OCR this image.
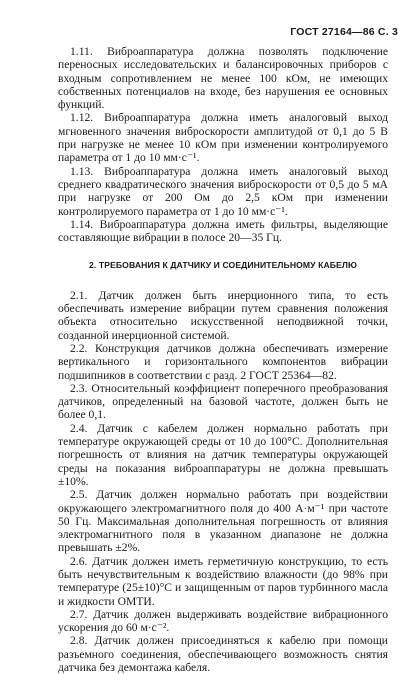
ГОСТ 27164—86 С. 3

1.11. Виброаппаратура должна позволять подключение переносных исследовательских и балансировочных приборов с входным сопротивлением не менее 100 кОм, не имеющих собственных потенциалов на входе, без нарушения ее основных функций.

1.12. Виброаппаратура должна иметь аналоговый выход мгновенного значения виброскорости амплитудой от 0,1 до 5 В при нагрузке не менее 10 кОм при изменении контролируемого параметра от 1 до 10 мм·с⁻¹.

1.13. Виброаппаратура должна иметь аналоговый выход среднего квадратического значения виброскорости от 0,5 до 5 мА при нагрузке от 200 Ом до 2,5 кОм при изменении контролируемого параметра от 1 до 10 мм·с⁻¹.

1.14. Виброаппаратура должна иметь фильтры, выделяющие составляющие вибрации в полосе 20—35 Гц.

2. ТРЕБОВАНИЯ К ДАТЧИКУ И СОЕДИНИТЕЛЬНОМУ КАБЕЛЮ

2.1. Датчик должен быть инерционного типа, то есть обеспечивать измерение вибрации путем сравнения положения объекта относительно искусственной неподвижной точки, созданной инерционной системой.

2.2. Конструкция датчиков должна обеспечивать измерение вертикального и горизонтального компонентов вибрации подшипников в соответствии с разд. 2 ГОСТ 25364—82.

2.3. Относительный коэффициент поперечного преобразования датчиков, определенный на базовой частоте, должен быть не более 0,1.

2.4. Датчик с кабелем должен нормально работать при температуре окружающей среды от 10 до 100°С. Дополнительная погрешность от влияния на датчик температуры окружающей среды на показания виброаппаратуры не должна превышать ±10%.

2.5. Датчик должен нормально работать при воздействии окружающего электромагнитного поля до 400 А·м⁻¹ при частоте 50 Гц. Максимальная дополнительная погрешность от влияния электромагнитного поля в указанном диапазоне не должна превышать ±2%.

2.6. Датчик должен иметь герметичную конструкцию, то есть быть нечувствительным к воздействию влажности (до 98% при температуре (25±10)°С и защищенным от паров турбинного масла и жидкости ОМТИ.

2.7. Датчик должен выдерживать воздействие вибрационного ускорения до 60 м·с⁻².

2.8. Датчик должен присоединяться к кабелю при помощи разъемного соединения, обеспечивающего возможность снятия датчика без демонтажа кабеля.
